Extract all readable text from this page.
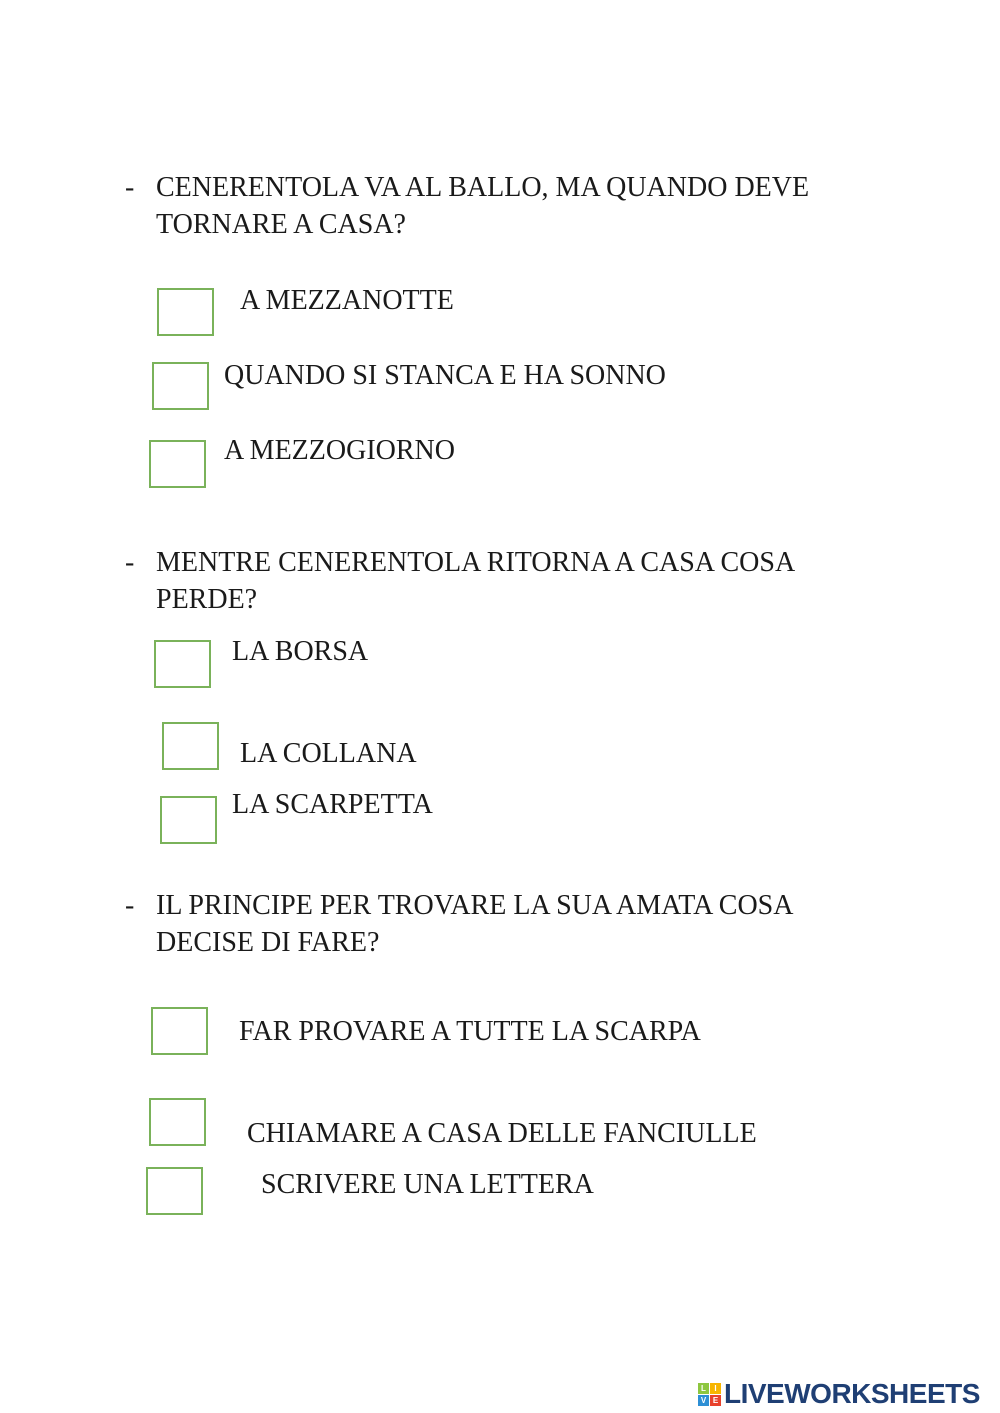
- CENERENTOLA VA AL BALLO, MA QUANDO DEVE
TORNARE A CASA?
A MEZZANOTTE
QUANDO SI STANCA E HA SONNO
A MEZZOGIORNO
- MENTRE CENERENTOLA RITORNA A CASA COSA
PERDE?
LA BORSA
LA COLLANA
LA SCARPETTA
- IL PRINCIPE PER TROVARE LA SUA AMATA COSA
DECISE DI FARE?
FAR PROVARE A TUTTE LA SCARPA
CHIAMARE A CASA DELLE FANCIULLE
SCRIVERE UNA LETTERA
L	I
V E LIVEWORKSHEETS
